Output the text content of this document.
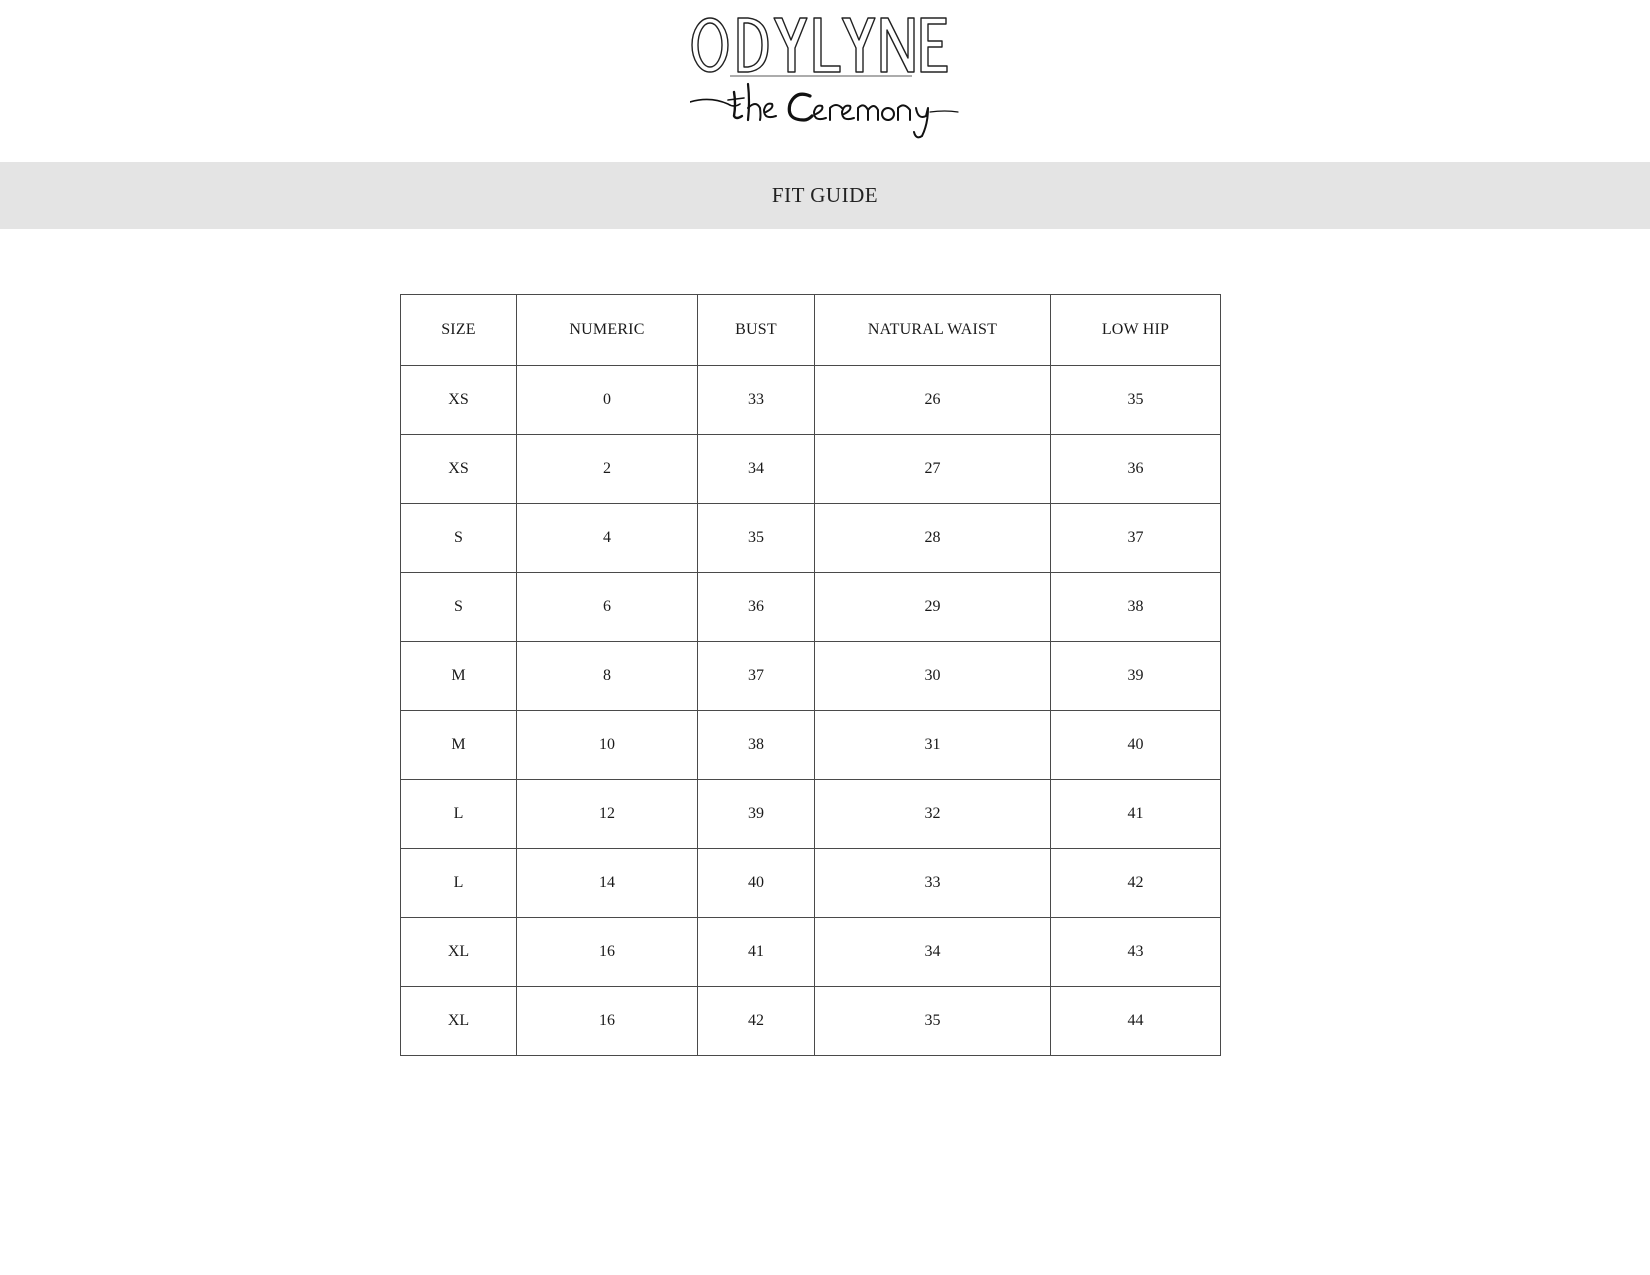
FIT GUIDE
SIZE	NUMERIC	BUST	NATURAL WAIST	LOW HIP
XS	0	33	26	35
XS	2	34	27	36
S	4	35	28	37
S	6	36	29	38
M	8	37	30	39
M	10	38	31	40
L	12	39	32	41
L	14	40	33	42
XL	16	41	34	43
XL	16	42	35	44
